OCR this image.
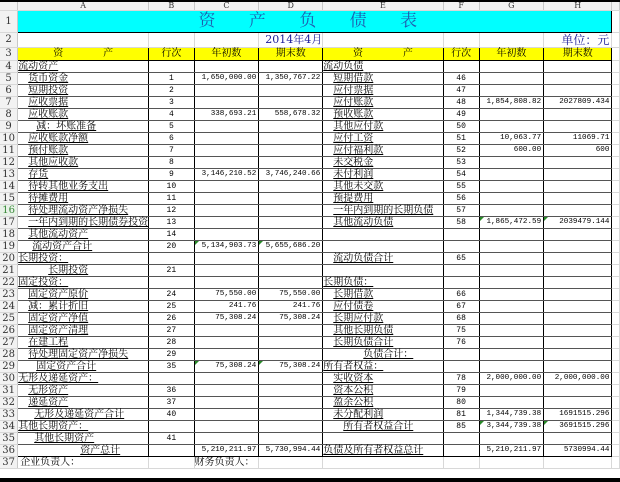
	A	B	C	D	E	F	G	H	
1	资 产 负 债 表								
2				2014年4月				单位：元	
3	资　　　　产	行次	年初数	期末数	资　　　　产	行次	年初数	期末数	
4	流动资产				流动负债				
5	货币资金	1	1,650,000.00	1,350,767.22	短期借款	46			
6	短期投资	2			应付票据	47			
7	应收票据	3			应付账款	48	1,854,808.82	2027809.434	
8	应收账款	4	338,693.21	558,678.32	预收账款	49			
9	减：坏账准备	5			其他应付款	50			
10	应收账款净额	6			应付工资	51	10,063.77	11069.71	
11	预付账款	7			应付福利款	52	600.00	600	
12	其他应收款	8			未交税金	53			
13	存货	9	3,146,210.52	3,746,240.66	未付利润	54			
14	待转其他业务支出	10			其他未交款	55			
15	待摊费用	11			预提费用	56			
16	待处理流动资产净损失	12			一年内到期的长期负债	57			
17	一年内到期的长期债券投资	13			其他流动负债	58	1,865,472.59	2039479.144	
18	其他流动资产	14							
19	流动资产合计	20	5,134,903.73	5,655,686.20					
20	长期投资：				流动负债合计	65			
21	长期投资	21							
22	固定投资：				长期负债：				
23	固定资产原价	24	75,550.00	75,550.00	长期借款	66			
24	减：累计折旧	25	241.76	241.76	应付债卷	67			
25	固定资产净值	26	75,308.24	75,308.24	长期应付款	68			
26	固定资产清理	27			其他长期负债	75			
27	在建工程	28			长期负债合计	76			
28	待处理固定资产净损失	29			负债合计：				
29	固定资产合计	35	75,308.24	75,308.24	所有者权益：				
30	无形及递延资产：				实收资本	78	2,000,000.00	2,000,000.00	
31	无形资产	36			资本公积	79			
32	递延资产	37			盈余公积	80			
33	无形及递延资产合计	40			未分配利润	81	1,344,739.38	1691515.296	
34	其他长期资产：				所有者权益合计	85	3,344,739.38	3691515.296	
35	其他长期资产	41							
36	资产总计		5,210,211.97	5,730,994.44	负债及所有者权益总计		5,210,211.97	5730994.44	
37	企业负责人：		财务负责人：						
